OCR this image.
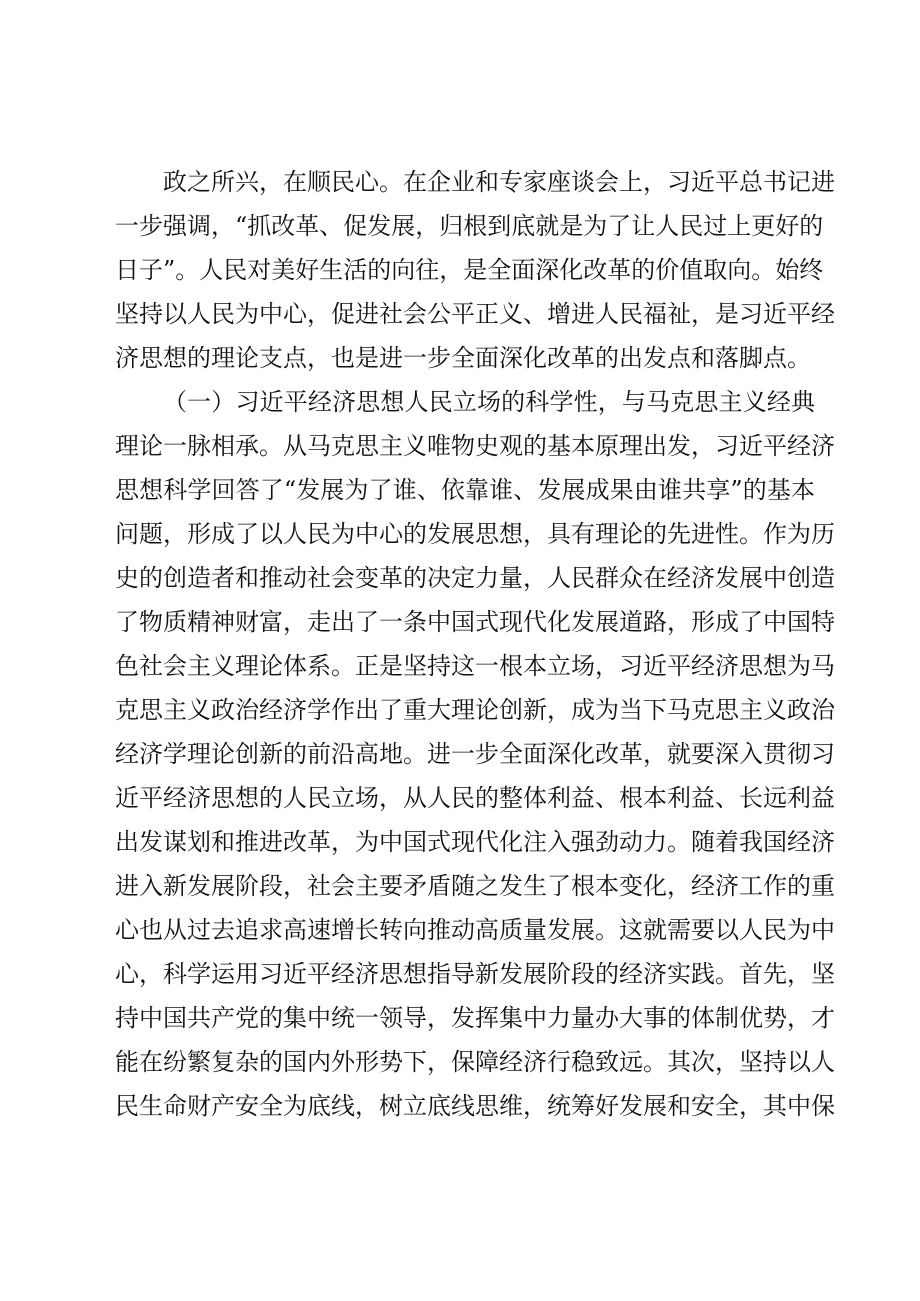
政之所兴，在顺民心。在企业和专家座谈会上，习近平总书记进
一步强调，“抓改革、促发展，归根到底就是为了让人民过上更好的
日子”。人民对美好生活的向往，是全面深化改革的价值取向。始终
坚持以人民为中心，促进社会公平正义、增进人民福祉，是习近平经
济思想的理论支点，也是进一步全面深化改革的出发点和落脚点。
（一）习近平经济思想人民立场的科学性，与马克思主义经典
理论一脉相承。从马克思主义唯物史观的基本原理出发，习近平经济
思想科学回答了“发展为了谁、依靠谁、发展成果由谁共享”的基本
问题，形成了以人民为中心的发展思想，具有理论的先进性。作为历
史的创造者和推动社会变革的决定力量，人民群众在经济发展中创造
了物质精神财富，走出了一条中国式现代化发展道路，形成了中国特
色社会主义理论体系。正是坚持这一根本立场，习近平经济思想为马
克思主义政治经济学作出了重大理论创新，成为当下马克思主义政治
经济学理论创新的前沿高地。进一步全面深化改革，就要深入贯彻习
近平经济思想的人民立场，从人民的整体利益、根本利益、长远利益
出发谋划和推进改革，为中国式现代化注入强劲动力。随着我国经济
进入新发展阶段，社会主要矛盾随之发生了根本变化，经济工作的重
心也从过去追求高速增长转向推动高质量发展。这就需要以人民为中
心，科学运用习近平经济思想指导新发展阶段的经济实践。首先，坚
持中国共产党的集中统一领导，发挥集中力量办大事的体制优势，才
能在纷繁复杂的国内外形势下，保障经济行稳致远。其次，坚持以人
民生命财产安全为底线，树立底线思维，统筹好发展和安全，其中保
